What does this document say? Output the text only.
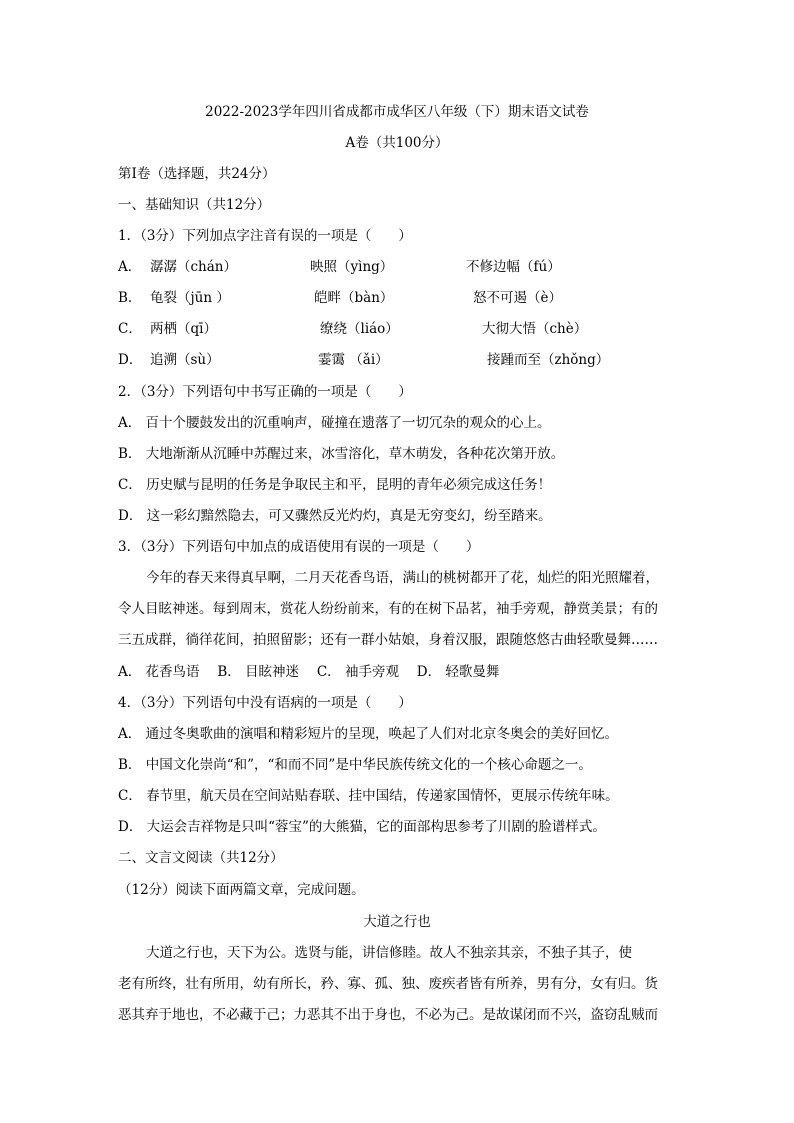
2022-2023学年四川省成都市成华区八年级（下）期末语文试卷
A卷（共100分）
第Ⅰ卷（选择题，共24分）
一、基础知识（共12分）
1．（3分）下列加点字注音有误的一项是（　　）
A． 潺潺（chán）	映照（yìng）	不修边幅（fú）
B． 龟裂（jūn ）	皑畔（bàn）	怒不可遏（è）
C． 两栖（qī）	缭绕（liáo）	大彻大悟（chè）
D． 追溯（sù）	霎霭 （ǎi）	接踵而至（zhǒng）
2．（3分）下列语句中书写正确的一项是（　　）
A． 百十个腰鼓发出的沉重响声，碰撞在遗落了一切冗杂的观众的心上。
B． 大地渐渐从沉睡中苏醒过来，冰雪溶化，草木萌发，各种花次第开放。
C． 历史赋与昆明的任务是争取民主和平，昆明的青年必须完成这任务！
D． 这一彩幻黯然隐去，可又骤然反光灼灼，真是无穷变幻，纷至踏来。
3．（3分）下列语句中加点的成语使用有误的一项是（　　）
今年的春天来得真早啊，二月天花香鸟语，满山的桃树都开了花，灿烂的阳光照耀着，
令人目眩神迷。每到周末，赏花人纷纷前来，有的在树下品茗，袖手旁观，静赏美景；有的
三五成群，徜徉花间，拍照留影；还有一群小姑娘，身着汉服，跟随悠悠古曲轻歌曼舞……
A． 花香鸟语　 B． 目眩神迷　 C． 袖手旁观　 D． 轻歌曼舞
4．（3分）下列语句中没有语病的一项是（　　）
A． 通过冬奥歌曲的演唱和精彩短片的呈现，唤起了人们对北京冬奥会的美好回忆。
B． 中国文化崇尚“和”，“和而不同”是中华民族传统文化的一个核心命题之一。
C． 春节里，航天员在空间站贴春联、挂中国结，传递家国情怀，更展示传统年味。
D． 大运会吉祥物是只叫“蓉宝”的大熊猫，它的面部构思参考了川剧的脸谱样式。
二、文言文阅读（共12分）
（12分）阅读下面两篇文章，完成问题。
大道之行也
大道之行也，天下为公。选贤与能，讲信修睦。故人不独亲其亲，不独子其子，使
老有所终，壮有所用，幼有所长，矜、寡、孤、独、废疾者皆有所养，男有分，女有归。货
恶其弃于地也，不必藏于己；力恶其不出于身也，不必为己。是故谋闭而不兴，盗窃乱贼而
